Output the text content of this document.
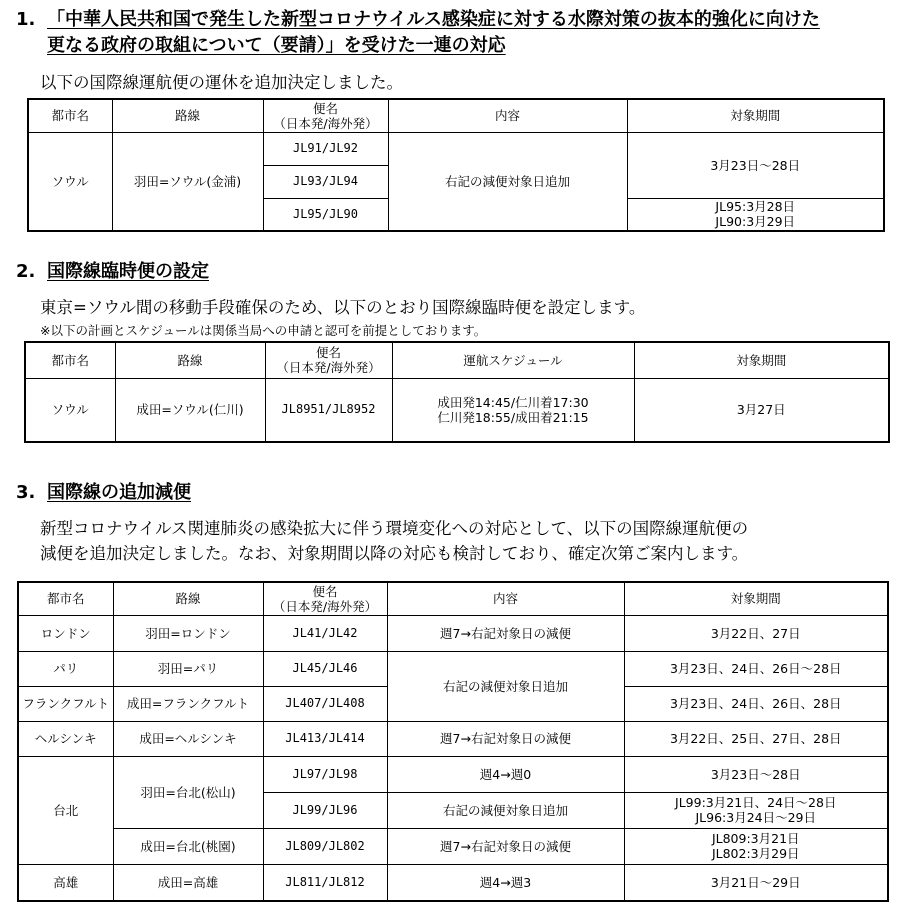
1. 「中華人民共和国で発生した新型コロナウイルス感染症に対する水際対策の抜本的強化に向けた
更なる政府の取組について（要請）」を受けた一連の対応
以下の国際線運航便の運休を追加決定しました。
都市名	路線	便名
（日本発/海外発）	内容	対象期間
ソウル	羽田=ソウル(金浦)	JL91/JL92	右記の減便対象日追加	3月23日～28日
		JL93/JL94		
		JL95/JL90		JL95:3月28日
JL90:3月29日
2. 国際線臨時便の設定
東京=ソウル間の移動手段確保のため、以下のとおり国際線臨時便を設定します。
※以下の計画とスケジュールは関係当局への申請と認可を前提としております。
都市名	路線	便名
（日本発/海外発）	運航スケジュール	対象期間
ソウル	成田=ソウル(仁川)	JL8951/JL8952	成田発14:45/仁川着17:30
仁川発18:55/成田着21:15	3月27日
3. 国際線の追加減便
新型コロナウイルス関連肺炎の感染拡大に伴う環境変化への対応として、以下の国際線運航便の
減便を追加決定しました。なお、対象期間以降の対応も検討しており、確定次第ご案内します。
都市名	路線	便名
（日本発/海外発）	内容	対象期間
ロンドン	羽田=ロンドン	JL41/JL42	週7→右記対象日の減便	3月22日、27日
パリ	羽田=パリ	JL45/JL46	右記の減便対象日追加	3月23日、24日、26日～28日
フランクフルト	成田=フランクフルト	JL407/JL408		3月23日、24日、26日、28日
ヘルシンキ	成田=ヘルシンキ	JL413/JL414	週7→右記対象日の減便	3月22日、25日、27日、28日
台北	羽田=台北(松山)	JL97/JL98	週4→週0	3月23日～28日
		JL99/JL96	右記の減便対象日追加	JL99:3月21日、24日～28日
JL96:3月24日～29日

	成田=台北(桃園)	JL809/JL802	週7→右記対象日の減便	JL809:3月21日
JL802:3月29日

高雄	成田=高雄	JL811/JL812	週4→週3	3月21日～29日
